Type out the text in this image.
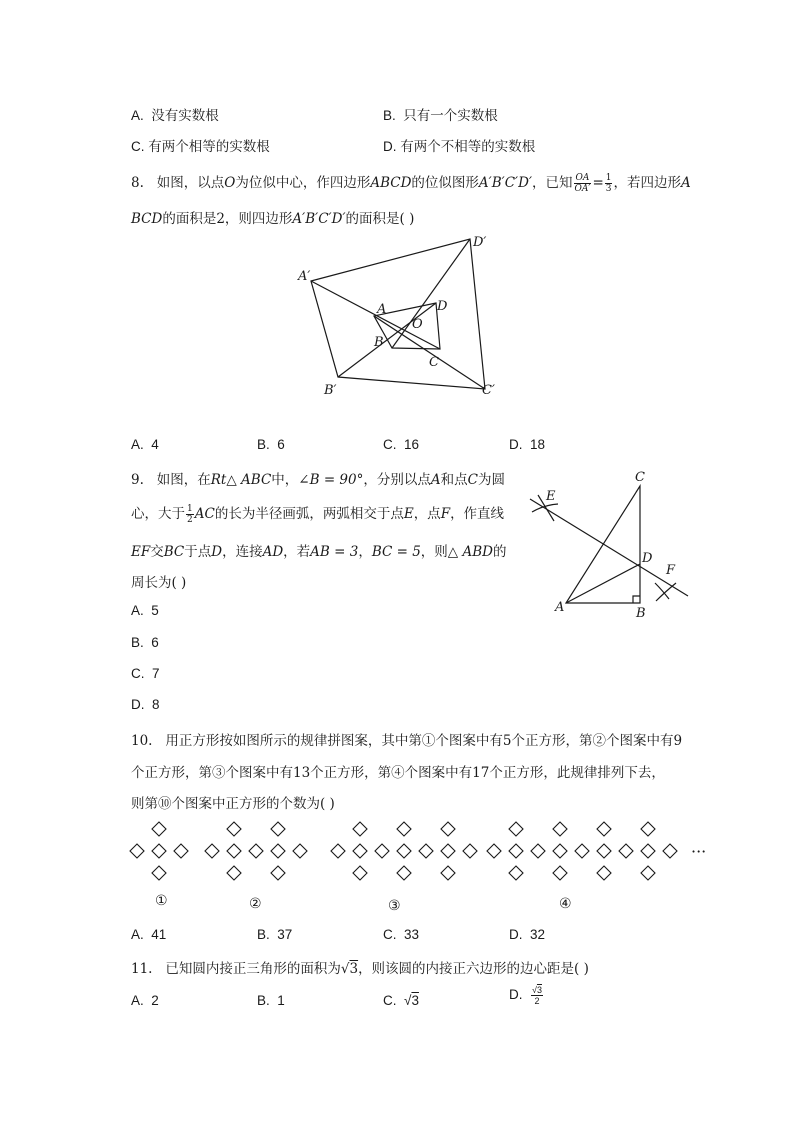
A. 没有实数根	B. 只有一个实数根
C. 有两个相等的实数根	D. 有两个不相等的实数根
8. 如图，以点O为位似中心，作四边形ABCD的位似图形A′B′C′D′，已知 $\frac{OA}{OA'} = \frac{1}{3}$ ，若四边形A
BCD的面积是2，则四边形A′B′C′D′的面积是( )
A′
D′
B′	C′
A	D
O
B
C
A. 4	B. 6	C. 16	D. 18
9. 如图，在Rt△ ABC中，∠B = 90°，分别以点A和点C为圆
心，大于 $\frac{1}{2}$ AC的长为半径画弧，两弧相交于点E，点F，作直线
EF交BC于点D，连接AD，若AB = 3，BC = 5，则△ ABD的
周长为( )
C
E
D
F
A	B
A. 5
B. 6
C. 7
D. 8
10. 用正方形按如图所示的规律拼图案，其中第①个图案中有5个正方形，第②个图案中有9
个正方形，第③个图案中有13个正方形，第④个图案中有17个正方形，此规律排列下去，
则第⑩个图案中正方形的个数为( )
①	②	③	④
···
A. 41	B. 37	C. 33	D. 32
11. 已知圆内接正三角形的面积为√3，则该圆的内接正六边形的边心距是( )
A. 2	B. 1	C. √3	D. $\frac{√3}{2}$
